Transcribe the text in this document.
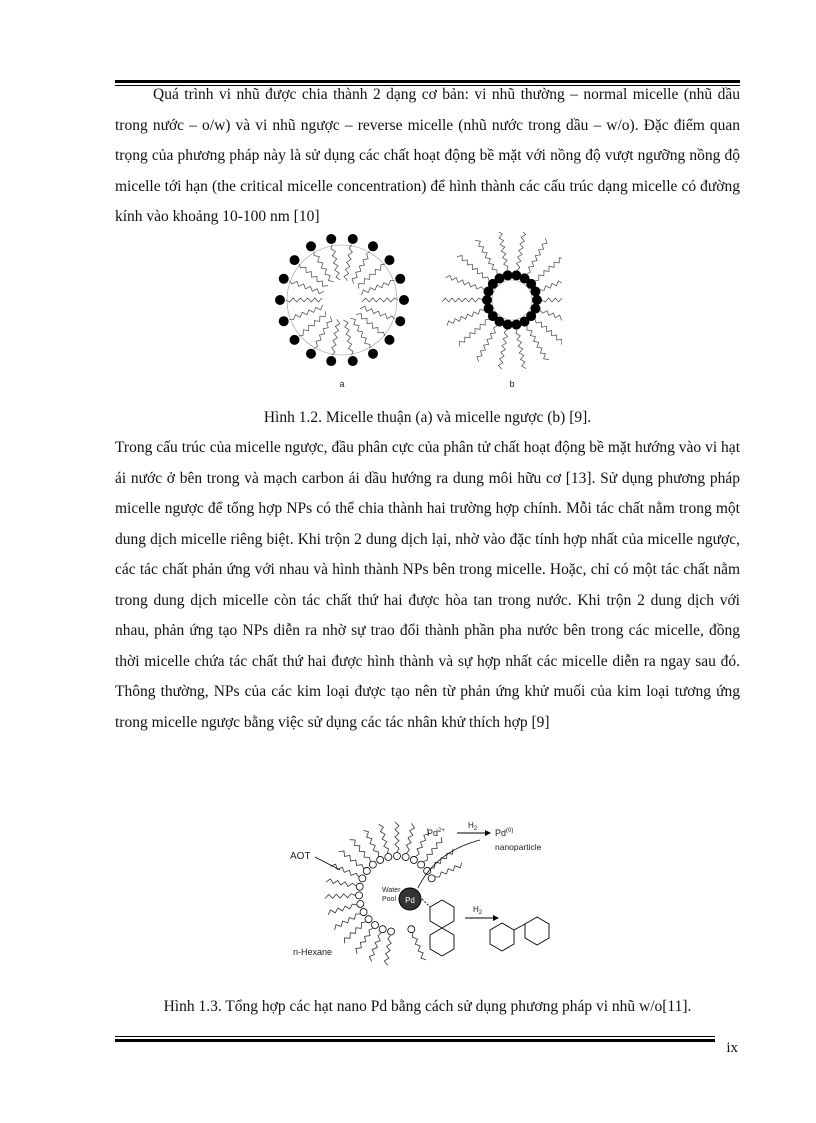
Quá trình vi nhũ được chia thành 2 dạng cơ bản: vi nhũ thường – normal micelle (nhũ dầu trong nước – o/w) và vi nhũ ngược – reverse micelle (nhũ nước trong dầu – w/o). Đặc điểm quan trọng của phương pháp này là sử dụng các chất hoạt động bề mặt với nồng độ vượt ngưỡng nồng độ micelle tới hạn (the critical micelle concentration) để hình thành các cấu trúc dạng micelle có đường kính vào khoảng 10-100 nm [10]

a	b
Hình 1.2. Micelle thuận (a) và micelle ngược (b) [9].

Trong cấu trúc của micelle ngược, đầu phân cực của phân tử chất hoạt động bề mặt hướng vào vi hạt ái nước ở bên trong và mạch carbon ái dầu hướng ra dung môi hữu cơ [13]. Sử dụng phương pháp micelle ngược để tổng hợp NPs có thể chia thành hai trường hợp chính. Mỗi tác chất nằm trong một dung dịch micelle riêng biệt. Khi trộn 2 dung dịch lại, nhờ vào đặc tính hợp nhất của micelle ngược, các tác chất phản ứng với nhau và hình thành NPs bên trong micelle. Hoặc, chỉ có một tác chất nằm trong dung dịch micelle còn tác chất thứ hai được hòa tan trong nước. Khi trộn 2 dung dịch với nhau, phản ứng tạo NPs diễn ra nhờ sự trao đổi thành phần pha nước bên trong các micelle, đồng thời micelle chứa tác chất thứ hai được hình thành và sự hợp nhất các micelle diễn ra ngay sau đó. Thông thường, NPs của các kim loại được tạo nên từ phản ứng khử muối của kim loại tương ứng trong micelle ngược bằng việc sử dụng các tác nhân khử thích hợp [9]

Pd
Water
Pool
AOT
n-Hexane
$Pd^{2+}$
$H_2$ Pd$^{(0)}$
nanoparticle
$H_2$
Hình 1.3. Tổng hợp các hạt nano Pd bằng cách sử dụng phương pháp vi nhũ w/o[11].
ix
